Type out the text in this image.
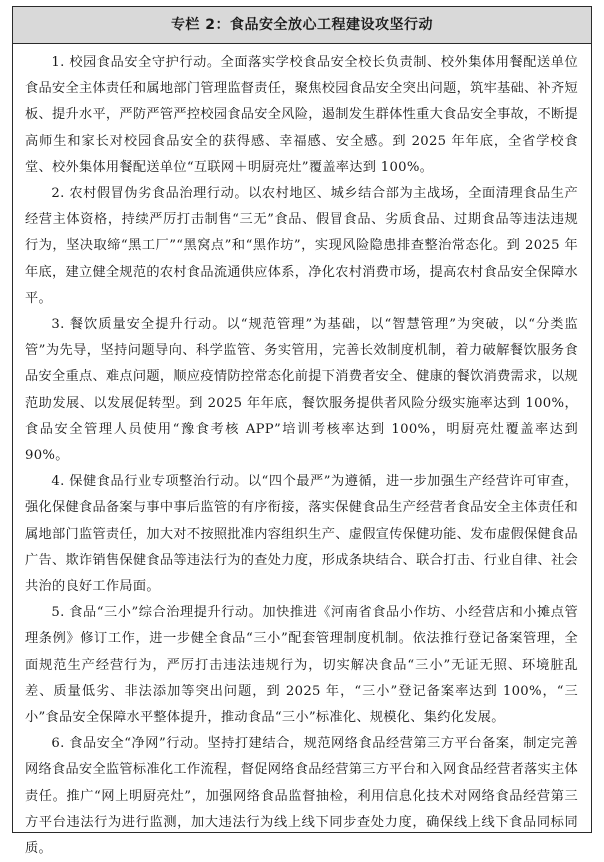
专栏 2：食品安全放心工程建设攻坚行动

1. 校园食品安全守护行动。全面落实学校食品安全校长负责制、校外集体用餐配送单位食品安全主体责任和属地部门管理监督责任，聚焦校园食品安全突出问题，筑牢基础、补齐短板、提升水平，严防严管严控校园食品安全风险，遏制发生群体性重大食品安全事故，不断提高师生和家长对校园食品安全的获得感、幸福感、安全感。到 2025 年年底，全省学校食堂、校外集体用餐配送单位“互联网＋明厨亮灶”覆盖率达到 100%。

2. 农村假冒伪劣食品治理行动。以农村地区、城乡结合部为主战场，全面清理食品生产经营主体资格，持续严厉打击制售“三无”食品、假冒食品、劣质食品、过期食品等违法违规行为，坚决取缔“黑工厂”“黑窝点”和“黑作坊”，实现风险隐患排查整治常态化。到 2025 年年底，建立健全规范的农村食品流通供应体系，净化农村消费市场，提高农村食品安全保障水平。

3. 餐饮质量安全提升行动。以“规范管理”为基础，以“智慧管理”为突破，以“分类监管”为先导，坚持问题导向、科学监管、务实管用，完善长效制度机制，着力破解餐饮服务食品安全重点、难点问题，顺应疫情防控常态化前提下消费者安全、健康的餐饮消费需求，以规范助发展、以发展促转型。到 2025 年年底，餐饮服务提供者风险分级实施率达到 100%，食品安全管理人员使用“豫食考核 APP”培训考核率达到 100%，明厨亮灶覆盖率达到 90%。

4. 保健食品行业专项整治行动。以“四个最严”为遵循，进一步加强生产经营许可审查，强化保健食品备案与事中事后监管的有序衔接，落实保健食品生产经营者食品安全主体责任和属地部门监管责任，加大对不按照批准内容组织生产、虚假宣传保健功能、发布虚假保健食品广告、欺诈销售保健食品等违法行为的查处力度，形成条块结合、联合打击、行业自律、社会共治的良好工作局面。

5. 食品“三小”综合治理提升行动。加快推进《河南省食品小作坊、小经营店和小摊点管理条例》修订工作，进一步健全食品“三小”配套管理制度机制。依法推行登记备案管理，全面规范生产经营行为，严厉打击违法违规行为，切实解决食品“三小”无证无照、环境脏乱差、质量低劣、非法添加等突出问题，到 2025 年，“三小”登记备案率达到 100%，“三小”食品安全保障水平整体提升，推动食品“三小”标准化、规模化、集约化发展。

6. 食品安全“净网”行动。坚持打建结合，规范网络食品经营第三方平台备案，制定完善网络食品安全监管标准化工作流程，督促网络食品经营第三方平台和入网食品经营者落实主体责任。推广“网上明厨亮灶”，加强网络食品监督抽检，利用信息化技术对网络食品经营第三方平台违法行为进行监测，加大违法行为线上线下同步查处力度，确保线上线下食品同标同质。
